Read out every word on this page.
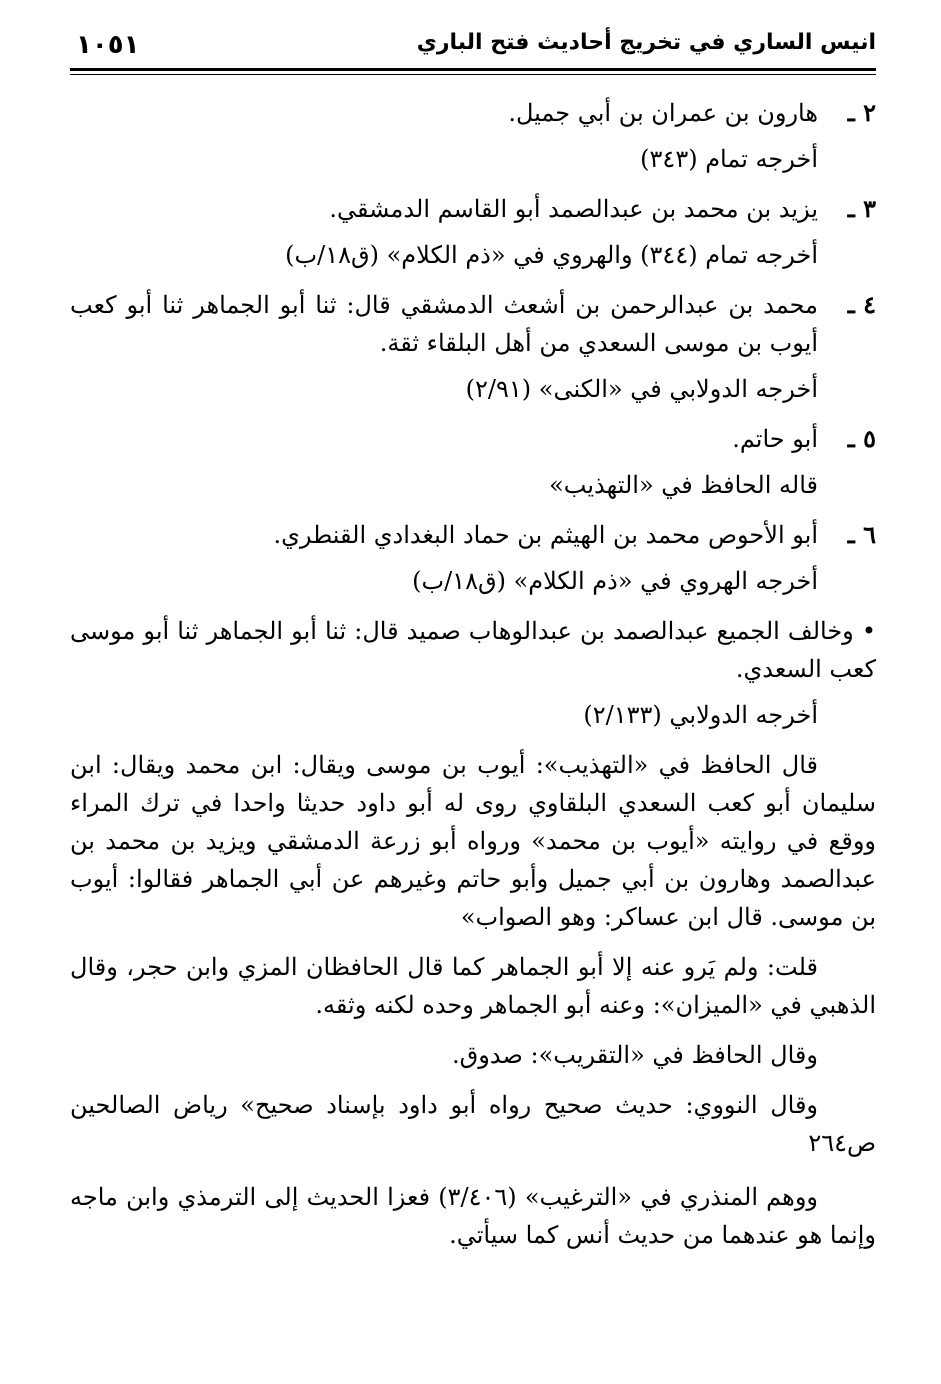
انيس الساري في تخريج أحاديث فتح الباري
١٠٥١
٢ ـ
هارون بن عمران بن أبي جميل.
أخرجه تمام (٣٤٣)
٣ ـ
يزيد بن محمد بن عبدالصمد أبو القاسم الدمشقي.
أخرجه تمام (٣٤٤) والهروي في «ذم الكلام» (ق١٨/ب)
٤ ـ
محمد بن عبدالرحمن بن أشعث الدمشقي قال: ثنا أبو الجماهر ثنا أبو كعب أيوب بن موسى السعدي من أهل البلقاء ثقة.
أخرجه الدولابي في «الكنى» (٢/٩١)
٥ ـ
أبو حاتم.
قاله الحافظ في «التهذيب»
٦ ـ
أبو الأحوص محمد بن الهيثم بن حماد البغدادي القنطري.
أخرجه الهروي في «ذم الكلام» (ق١٨/ب)

• وخالف الجميع عبدالصمد بن عبدالوهاب صميد قال: ثنا أبو الجماهر ثنا أبو موسى كعب السعدي.

أخرجه الدولابي (٢/١٣٣)

قال الحافظ في «التهذيب»: أيوب بن موسى ويقال: ابن محمد ويقال: ابن سليمان أبو كعب السعدي البلقاوي روى له أبو داود حديثا واحدا في ترك المراء ووقع في روايته «أيوب بن محمد» ورواه أبو زرعة الدمشقي ويزيد بن محمد بن عبدالصمد وهارون بن أبي جميل وأبو حاتم وغيرهم عن أبي الجماهر فقالوا: أيوب بن موسى. قال ابن عساكر: وهو الصواب»

قلت: ولم يَرو عنه إلا أبو الجماهر كما قال الحافظان المزي وابن حجر، وقال الذهبي في «الميزان»: وعنه أبو الجماهر وحده لكنه وثقه.

وقال الحافظ في «التقريب»: صدوق.

وقال النووي: حديث صحيح رواه أبو داود بإسناد صحيح» رياض الصالحين ص٢٦٤

ووهم المنذري في «الترغيب» (٣/٤٠٦) فعزا الحديث إلى الترمذي وابن ماجه وإنما هو عندهما من حديث أنس كما سيأتي.
